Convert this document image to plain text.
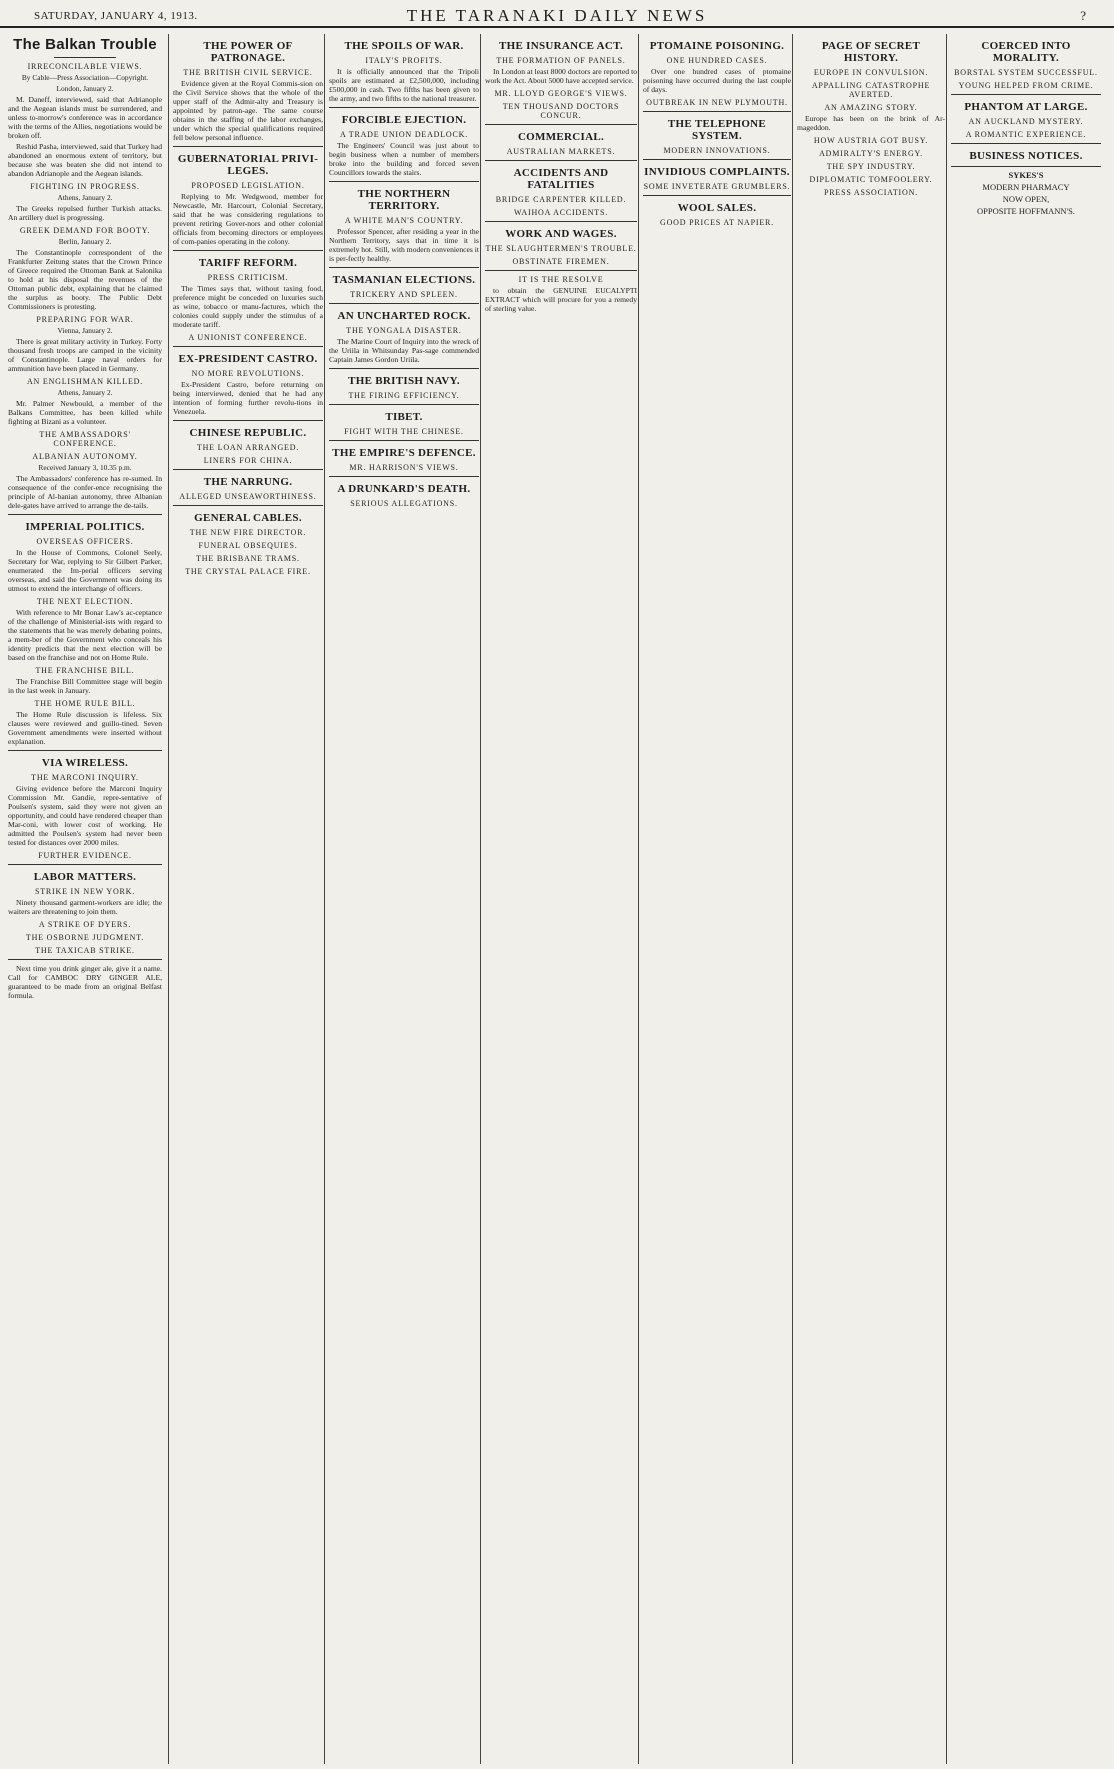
SATURDAY, JANUARY 4, 1913.	THE TARANAKI DAILY NEWS	?
The Balkan Trouble
IRRECONCILABLE VIEWS.
By Cable—Press Association—Copyright.
London, January 2.

M. Daneff, interviewed, said that Adrianople and the Aegean islands must be surrendered, and unless to-morrow's conference was in accordance with the terms of the Allies, negotiations would be broken off.

Reshid Pasha, interviewed, said that Turkey had abandoned an enormous extent of territory, but because she was beaten she did not intend to abandon Adrianople and the Aegean islands.

FIGHTING IN PROGRESS.
Athens, January 2.

The Greeks repulsed further Turkish attacks. An artillery duel is progressing.

GREEK DEMAND FOR BOOTY.
Berlin, January 2.

The Constantinople correspondent of the Frankfurter Zeitung states that the Crown Prince of Greece required the Ottoman Bank at Salonika to hold at his disposal the revenues of the Ottoman public debt, explaining that he claimed the surplus as booty. The Public Debt Commissioners is protesting.

PREPARING FOR WAR.
Vienna, January 2.

There is great military activity in Turkey. Forty thousand fresh troops are camped in the vicinity of Constantinople. Large naval orders for ammunition have been placed in Germany.

AN ENGLISHMAN KILLED.
Athens, January 2.

Mr. Palmer Newbould, a member of the Balkans Committee, has been killed while fighting at Bizani as a volunteer.

THE AMBASSADORS' CONFERENCE.
ALBANIAN AUTONOMY.
Received January 3, 10.35 p.m.

The Ambassadors' conference has re-sumed. In consequence of the confer-ence recognising the principle of Al-banian autonomy, three Albanian dele-gates have arrived to arrange the de-tails.

IMPERIAL POLITICS.
OVERSEAS OFFICERS.

In the House of Commons, Colonel Seely, Secretary for War, replying to Sir Gilbert Parker, enumerated the Im-perial officers serving overseas, and said the Government was doing its utmost to extend the interchange of officers.

THE NEXT ELECTION.

With reference to Mr Bonar Law's ac-ceptance of the challenge of Ministerial-ists with regard to the statements that he was merely debating points, a mem-ber of the Government who conceals his identity predicts that the next election will be based on the franchise and not on Home Rule.

THE FRANCHISE BILL.

The Franchise Bill Committee stage will begin in the last week in January.

THE HOME RULE BILL.

The Home Rule discussion is lifeless. Six clauses were reviewed and guillo-tined. Seven Government amendments were inserted without explanation.

VIA WIRELESS.
THE MARCONI INQUIRY.

Giving evidence before the Marconi Inquiry Commission Mr. Gandie, repre-sentative of Poulsen's system, said they were not given an opportunity, and could have rendered cheaper than Mar-coni, with lower cost of working. He admitted the Poulsen's system had never been tested for distances over 2000 miles.

FURTHER EVIDENCE.
LABOR MATTERS.
STRIKE IN NEW YORK.

Ninety thousand garment-workers are idle; the waiters are threatening to join them.

A STRIKE OF DYERS.
THE OSBORNE JUDGMENT.
THE TAXICAB STRIKE.

Next time you drink ginger ale, give it a name. Call for CAMBOC DRY GINGER ALE, guaranteed to be made from an original Belfast formula.

THE POWER OF PATRONAGE.
THE BRITISH CIVIL SERVICE.

Evidence given at the Royal Commis-sion on the Civil Service shows that the whole of the upper staff of the Admir-alty and Treasury is appointed by patron-age. The same course obtains in the staffing of the labor exchanges, under which the special qualifications required fell below personal influence.

GUBERNATORIAL PRIVI-LEGES.
PROPOSED LEGISLATION.

Replying to Mr. Wedgwood, member for Newcastle, Mr. Harcourt, Colonial Secretary, said that he was considering regulations to prevent retiring Gover-nors and other colonial officials from becoming directors or employees of com-panies operating in the colony.

TARIFF REFORM.
PRESS CRITICISM.

The Times says that, without taxing food, preference might be conceded on luxuries such as wine, tobacco or manu-factures, which the colonies could supply under the stimulus of a moderate tariff.

A UNIONIST CONFERENCE.
EX-PRESIDENT CASTRO.
NO MORE REVOLUTIONS.

Ex-President Castro, before returning on being interviewed, denied that he had any intention of forming further revolu-tions in Venezuela.

CHINESE REPUBLIC.
THE LOAN ARRANGED.
LINERS FOR CHINA.
THE NARRUNG.
ALLEGED UNSEAWORTHINESS.
GENERAL CABLES.
THE NEW FIRE DIRECTOR.
FUNERAL OBSEQUIES.
THE BRISBANE TRAMS.
THE CRYSTAL PALACE FIRE.
THE SPOILS OF WAR.
ITALY'S PROFITS.

It is officially announced that the Tripoli spoils are estimated at £2,500,000, including £500,000 in cash. Two fifths has been given to the army, and two fifths to the national treasurer.

FORCIBLE EJECTION.
A TRADE UNION DEADLOCK.

The Engineers' Council was just about to begin business when a number of members broke into the building and forced seven Councillors towards the stairs.

THE NORTHERN TERRITORY.
A WHITE MAN'S COUNTRY.

Professor Spencer, after residing a year in the Northern Territory, says that in time it is extremely hot. Still, with modern conveniences it is per-fectly healthy.

TASMANIAN ELECTIONS.
TRICKERY AND SPLEEN.
AN UNCHARTED ROCK.
THE YONGALA DISASTER.

The Marine Court of Inquiry into the wreck of the Uriila in Whitsunday Pas-sage commended Captain James Gordon Uriila.

THE BRITISH NAVY.
THE FIRING EFFICIENCY.
TIBET.
FIGHT WITH THE CHINESE.
THE EMPIRE'S DEFENCE.
MR. HARRISON'S VIEWS.
A DRUNKARD'S DEATH.
SERIOUS ALLEGATIONS.
THE INSURANCE ACT.
THE FORMATION OF PANELS.

In London at least 8000 doctors are reported to work the Act. About 5000 have accepted service.

MR. LLOYD GEORGE'S VIEWS.
TEN THOUSAND DOCTORS CONCUR.
COMMERCIAL.
AUSTRALIAN MARKETS.
ACCIDENTS AND FATALITIES
BRIDGE CARPENTER KILLED.
WAIHOA ACCIDENTS.
WORK AND WAGES.
THE SLAUGHTERMEN'S TROUBLE.
OBSTINATE FIREMEN.
IT IS THE RESOLVE

to obtain the GENUINE EUCALYPTI EXTRACT which will procure for you a remedy of sterling value.

PTOMAINE POISONING.
ONE HUNDRED CASES.

Over one hundred cases of ptomaine poisoning have occurred during the last couple of days.

OUTBREAK IN NEW PLYMOUTH.
THE TELEPHONE SYSTEM.
MODERN INNOVATIONS.
INVIDIOUS COMPLAINTS.
SOME INVETERATE GRUMBLERS.
WOOL SALES.
GOOD PRICES AT NAPIER.
PAGE OF SECRET HISTORY.
EUROPE IN CONVULSION.
APPALLING CATASTROPHE AVERTED.
AN AMAZING STORY.

Europe has been on the brink of Ar-mageddon.

HOW AUSTRIA GOT BUSY.
ADMIRALTY'S ENERGY.
THE SPY INDUSTRY.
DIPLOMATIC TOMFOOLERY.
PRESS ASSOCIATION.
COERCED INTO MORALITY.
BORSTAL SYSTEM SUCCESSFUL.
YOUNG HELPED FROM CRIME.
PHANTOM AT LARGE.
AN AUCKLAND MYSTERY.
A ROMANTIC EXPERIENCE.
BUSINESS NOTICES.
SYKES'S
MODERN PHARMACY
NOW OPEN,
OPPOSITE HOFFMANN'S.
